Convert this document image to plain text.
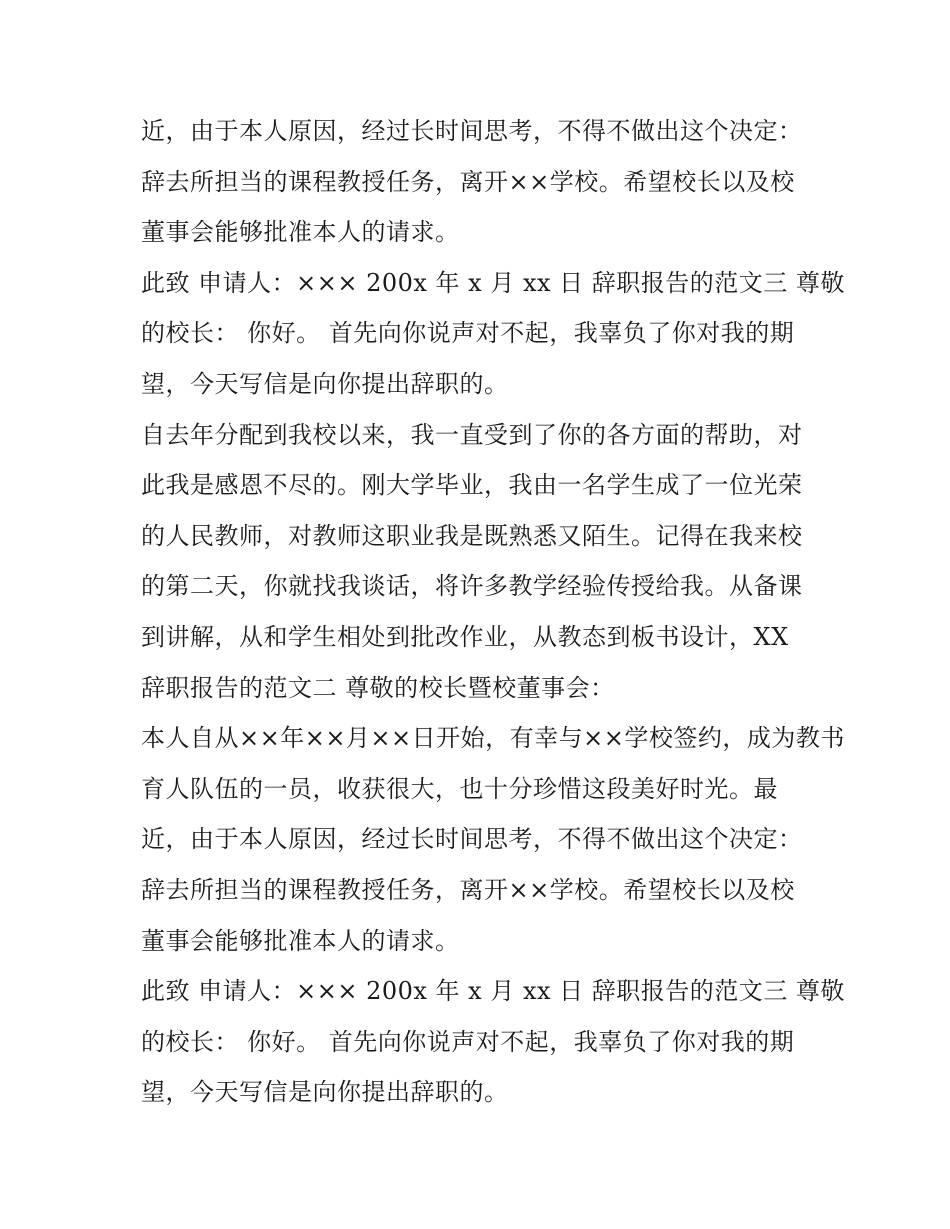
近，由于本人原因，经过长时间思考，不得不做出这个决定：
辞去所担当的课程教授任务，离开××学校。希望校长以及校
董事会能够批准本人的请求。
此致 申请人：××× 200x 年 x 月 xx 日 辞职报告的范文三 尊敬
的校长： 你好。 首先向你说声对不起，我辜负了你对我的期
望，今天写信是向你提出辞职的。
自去年分配到我校以来，我一直受到了你的各方面的帮助，对
此我是感恩不尽的。刚大学毕业，我由一名学生成了一位光荣
的人民教师，对教师这职业我是既熟悉又陌生。记得在我来校
的第二天，你就找我谈话，将许多教学经验传授给我。从备课
到讲解，从和学生相处到批改作业，从教态到板书设计，XX
辞职报告的范文二 尊敬的校长暨校董事会：
本人自从××年××月××日开始，有幸与××学校签约，成为教书
育人队伍的一员，收获很大，也十分珍惜这段美好时光。最
近，由于本人原因，经过长时间思考，不得不做出这个决定：
辞去所担当的课程教授任务，离开××学校。希望校长以及校
董事会能够批准本人的请求。
此致 申请人：××× 200x 年 x 月 xx 日 辞职报告的范文三 尊敬
的校长： 你好。 首先向你说声对不起，我辜负了你对我的期
望，今天写信是向你提出辞职的。
